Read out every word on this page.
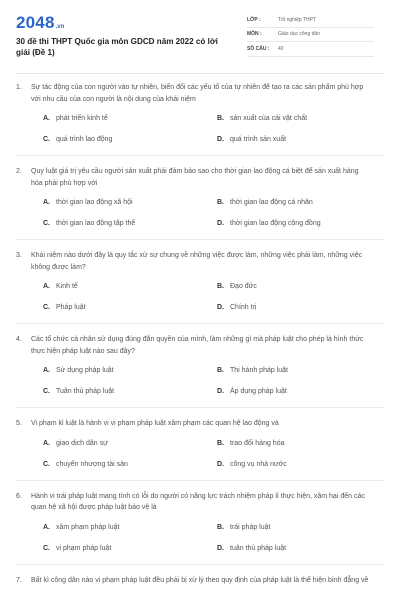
2048 .vn
30 đề thi THPT Quốc gia môn GDCD năm 2022 có lời giải (Đề 1)
LỚP :	Tốt nghiệp THPT
MÔN :	Giáo dục công dân
SỐ CÂU :	40
1.	Sự tác động của con người vào tự nhiên, biến đổi các yếu tố của tự nhiên để tạo ra các sản phẩm phù hợp với nhu cầu của con người là nội dung của khái niệm
A. phát triển kinh tế	B. sản xuất của cải vật chất
C. quá trình lao động	D. quá trình sản xuất
2.	Quy luật giá trị yêu cầu người sản xuất phải đảm bảo sao cho thời gian lao động cá biệt để sản xuất hàng hóa phải phù hợp với
A. thời gian lao động xã hội	B. thời gian lao động cá nhân
C. thời gian lao động tập thể	D. thời gian lao động cộng đồng
3.	Khái niệm nào dưới đây là quy tắc xử sự chung về những việc được làm, những việc phải làm, những việc không được làm?
A. Kinh tế	B. Đạo đức
C. Pháp luật	D. Chính trị
4.	Các tổ chức cá nhân sử dụng đúng đắn quyền của mình, làm những gì mà pháp luật cho phép là hình thức thực hiện pháp luật nào sau đây?
A. Sử dụng pháp luật	B. Thi hành pháp luật
C. Tuân thủ pháp luật	D. Áp dụng pháp luật
5.	Vi phạm kỉ luật là hành vi vi phạm pháp luật xâm phạm các quan hệ lao động và
A. giao dịch dân sự	B. trao đổi hàng hóa
C. chuyển nhượng tài sản	D. công vụ nhà nước
6.	Hành vi trái pháp luật mang tính có lỗi do người có năng lực trách nhiệm pháp lí thực hiện, xâm hại đến các quan hệ xã hội được pháp luật bảo vệ là
A. xâm phạm pháp luật	B. trái pháp luật
C. vi phạm pháp luật	D. tuân thủ pháp luật
7.	Bất kì công dân nào vi phạm pháp luật đều phải bị xử lý theo quy định của pháp luật là thể hiện bình đẳng về
